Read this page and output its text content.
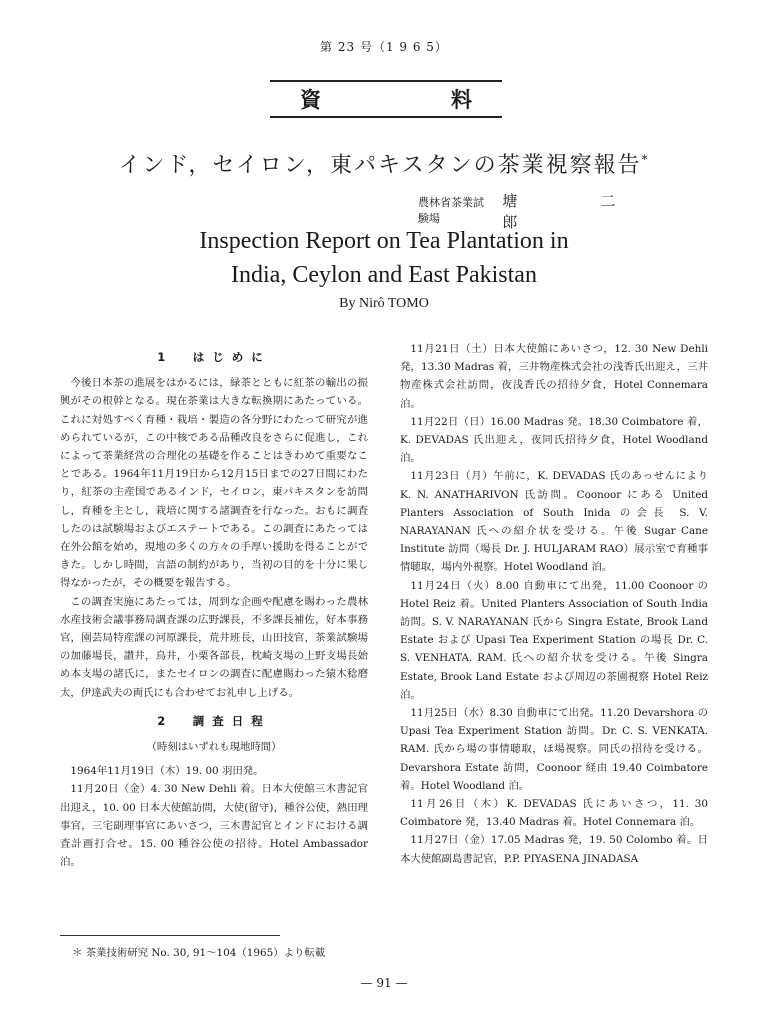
第 23 号（1 9 6 5）
資	料
インド，セイロン，東パキスタンの茶業視察報告*
農林省茶業試験場
塘　二郎
Inspection Report on Tea Plantation in
India, Ceylon and East Pakistan
By Nirô TOMO
1　はじめに

今後日本茶の進展をはかるには，緑茶とともに紅茶の輸出の振興がその根幹となる。現在茶業は大きな転換期にあたっている。これに対処すべく育種・栽培・製造の各分野にわたって研究が進められているが，この中核である品種改良をさらに促進し，これによって茶業経営の合理化の基礎を作ることはきわめて重要なことである。1964年11月19日から12月15日までの27日間にわたり，紅茶の主産国であるインド，セイロン，東パキスタンを訪問し，育種を主とし，栽培に関する諸調査を行なった。おもに調査したのは試験場およびエステートである。この調査にあたっては在外公館を始め，現地の多くの方々の手厚い援助を得ることができた。しかし時間，言語の制約があり，当初の目的を十分に果し得なかったが，その概要を報告する。

この調査実施にあたっては，周到な企画や配慮を賜わった農林水産技術会議事務局調査課の広野課長，不多課長補佐，好本事務官，園芸局特産課の河原課長，荒井班長，山田技官，茶業試験場の加藤場長，讃井，鳥井，小栗各部長，枕崎支場の上野支場長始め本支場の諸氏に，またセイロンの調査に配慮賜わった猿木稔磨太，伊達武夫の両氏にも合わせてお礼申し上げる。

2　調査日程
（時刻はいずれも現地時間）

1964年11月19日（木）19. 00 羽田発。

11月20日（金）4. 30 New Dehli 着。日本大使館三木書記官出迎え，10. 00 日本大使館訪問，大使(留守)，種谷公使，熱田理事官，三宅副理事官にあいさつ，三木書記官とインドにおける調査計画打合せ。15. 00 種谷公使の招待。Hotel Ambassador 泊。

11月21日（土）日本大使館にあいさつ，12. 30 New Dehli 発，13.30 Madras 着，三井物産株式会社の浅香氏出迎え，三井物産株式会社訪問，夜浅香氏の招待夕食，Hotel Connemara 泊。

11月22日（日）16.00 Madras 発。18.30 Coimbatore 着，K. DEVADAS 氏出迎え，夜同氏招待夕食，Hotel Woodland 泊。

11月23日（月）午前に，K. DEVADAS 氏のあっせんにより K. N. ANATHARIVON 氏訪問。Coonoor にある United Planters Association of South Inida の会長 S. V. NARAYANAN 氏への紹介状を受ける。午後 Sugar Cane Institute 訪問（場長 Dr. J. HULJARAM RAO）展示室で育種事情聴取，場内外視察。Hotel Woodland 泊。

11月24日（火）8.00 自動車にて出発，11.00 Coonoor の Hotel Reiz 着。United Planters Association of South India 訪問。S. V. NARAYANAN 氏から Singra Estate, Brook Land Estate および Upasi Tea Experiment Station の場長 Dr. C. S. VENHATA. RAM. 氏への紹介状を受ける。午後 Singra Estate, Brook Land Estate および周辺の茶園視察 Hotel Reiz 泊。

11月25日（水）8.30 自動車にて出発。11.20 Devarshora の Upasi Tea Experiment Station 訪問。Dr. C. S. VENKATA. RAM. 氏から場の事情聴取，ほ場視察。同氏の招待を受ける。Devarshora Estate 訪問，Coonoor 経由 19.40 Coimbatore 着。Hotel Woodland 泊。

11月26日（木）K. DEVADAS 氏にあいさつ，11. 30 Coimbatore 発，13.40 Madras 着。Hotel Connemara 泊。

11月27日（金）17.05 Madras 発，19. 50 Colombo 着。日本大使館副島書記官，P.P. PIYASENA JINADASA

＊ 茶業技術研究 No. 30, 91～104（1965）より転載
— 91 —
